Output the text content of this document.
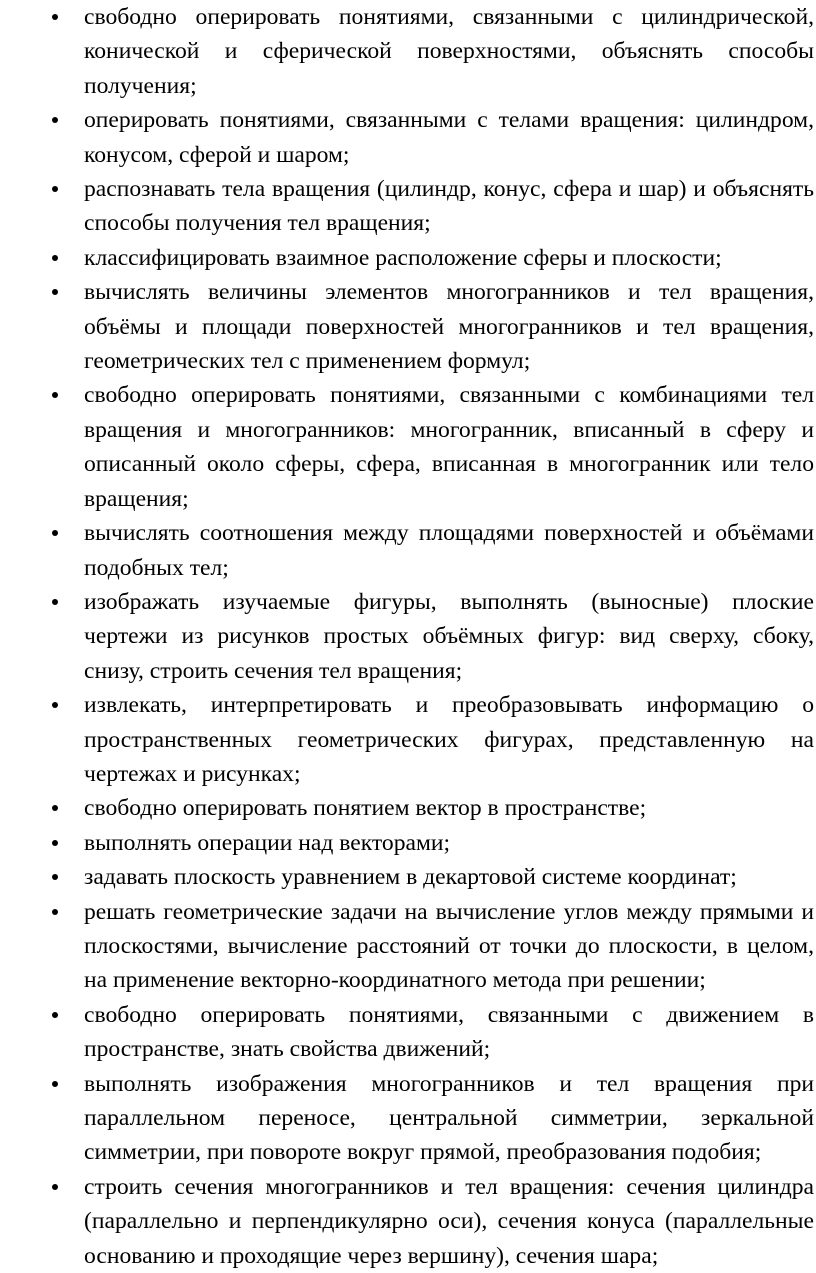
свободно оперировать понятиями, связанными с цилиндрической, конической и сферической поверхностями, объяснять способы получения;
оперировать понятиями, связанными с телами вращения: цилиндром, конусом, сферой и шаром;
распознавать тела вращения (цилиндр, конус, сфера и шар) и объяснять способы получения тел вращения;
классифицировать взаимное расположение сферы и плоскости;
вычислять величины элементов многогранников и тел вращения, объёмы и площади поверхностей многогранников и тел вращения, геометрических тел с применением формул;
свободно оперировать понятиями, связанными с комбинациями тел вращения и многогранников: многогранник, вписанный в сферу и описанный около сферы, сфера, вписанная в многогранник или тело вращения;
вычислять соотношения между площадями поверхностей и объёмами подобных тел;
изображать изучаемые фигуры, выполнять (выносные) плоские чертежи из рисунков простых объёмных фигур: вид сверху, сбоку, снизу, строить сечения тел вращения;
извлекать, интерпретировать и преобразовывать информацию о пространственных геометрических фигурах, представленную на чертежах и рисунках;
свободно оперировать понятием вектор в пространстве;
выполнять операции над векторами;
задавать плоскость уравнением в декартовой системе координат;
решать геометрические задачи на вычисление углов между прямыми и плоскостями, вычисление расстояний от точки до плоскости, в целом, на применение векторно-координатного метода при решении;
свободно оперировать понятиями, связанными с движением в пространстве, знать свойства движений;
выполнять изображения многогранников и тел вращения при параллельном переносе, центральной симметрии, зеркальной симметрии, при повороте вокруг прямой, преобразования подобия;
строить сечения многогранников и тел вращения: сечения цилиндра (параллельно и перпендикулярно оси), сечения конуса (параллельные основанию и проходящие через вершину), сечения шара;
